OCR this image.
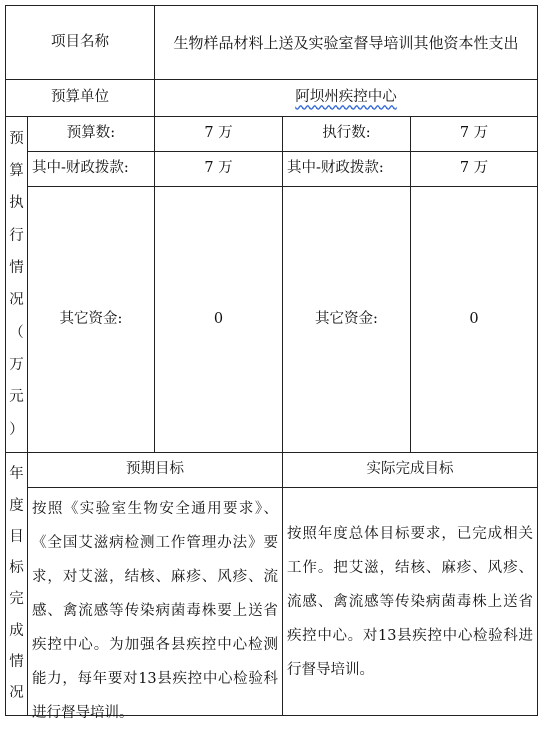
项目名称	生物样品材料上送及实验室督导培训其他资本性支出
预算单位	阿坝州疾控中心
预
算
执
行
情
况
（
万
元
）
预算数:	7 万	执行数:	7 万
其中-财政拨款:	7 万	其中-财政拨款:	7 万
其它资金:	0	其它资金:	0
年
度
目
标
完
成
情
况
预期目标	实际完成目标
按照《实验室生物安全通用要求》、《全国艾滋病检测工作管理办法》要求，对艾滋，结核、麻疹、风疹、流感、禽流感等传染病菌毒株要上送省疾控中心。为加强各县疾控中心检测能力，每年要对13县疾控中心检验科进行督导培训。
按照年度总体目标要求，已完成相关工作。把艾滋，结核、麻疹、风疹、流感、禽流感等传染病菌毒株上送省疾控中心。对13县疾控中心检验科进行督导培训。
